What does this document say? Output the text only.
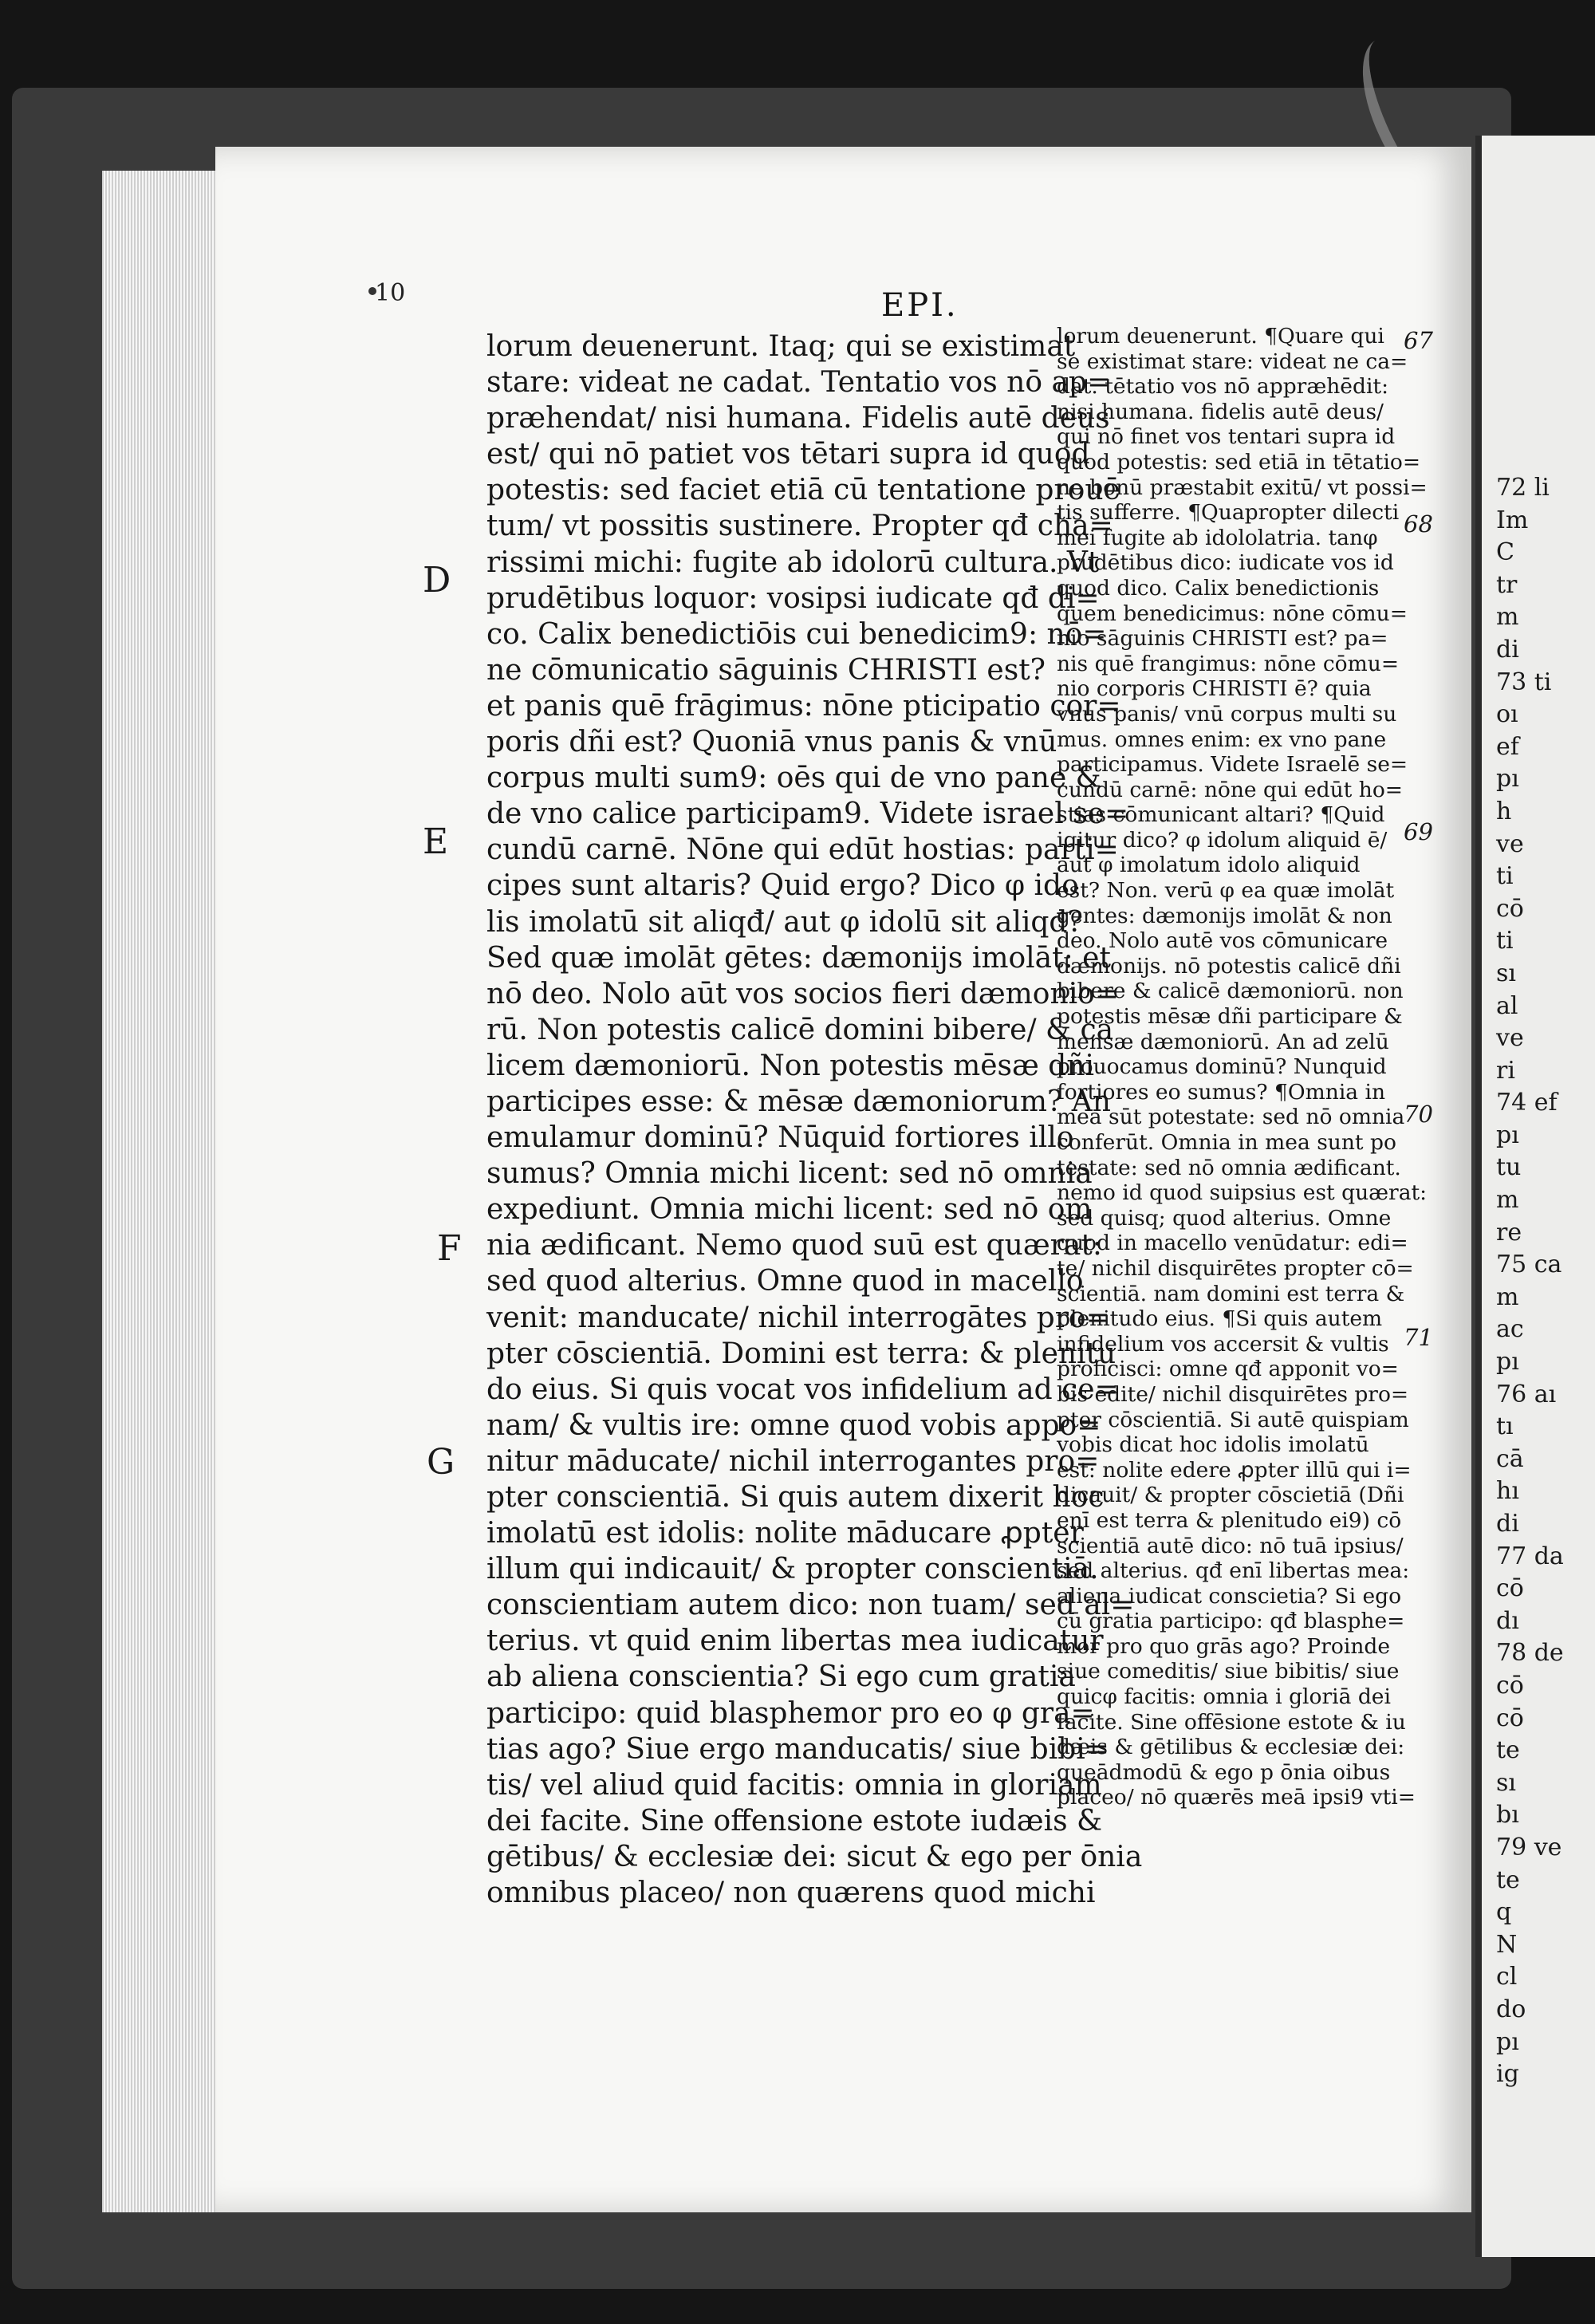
72 li
Im
C
tr
m
di
73 ti
oı
ef
pı
h
ve
ti
cō
ti
sı
al
ve
ri
74 ef
pı
tu
m
re
75 ca
m
ac
pı
76 aı
tı
cā
hı
di
77 da
cō
dı
78 de
cō
cō
te
sı
bı
79 ve
te
q
N
cl
do
pı
ig

10	EPI.
D
E
F
G

lorum deuenerunt. Itaq; qui se existimat
stare: videat ne cadat. Tentatio vos nō ap=
præhendat/ nisi humana. Fidelis autē deus
est/ qui nō patiet vos tētari supra id quod
potestis: sed faciet etiā cū tentatione prouē
tum/ vt possitis sustinere. Propter qđ cha=
rissimi michi: fugite ab idolorū cultura. Vt
prudētibus loquor: vosipsi iudicate qđ di=
co. Calix benedictiōis cui benedicim9: nō=
ne cōmunicatio sāguinis CHRISTI est?
et panis quē frāgimus: nōne pticipatio cor=
poris dñi est? Quoniā vnus panis & vnū
corpus multi sum9: oēs qui de vno pane &
de vno calice participam9. Videte israel se=
cundū carnē. Nōne qui edūt hostias: parti=
cipes sunt altaris? Quid ergo? Dico φ ido
lis imolatū sit aliqđ/ aut φ idolū sit aliqđ?
Sed quæ imolāt gētes: dæmonijs imolāt: et
nō deo. Nolo aūt vos socios fieri dæmonio=
rū. Non potestis calicē domini bibere/ & ca
licem dæmoniorū. Non potestis mēsæ dñi
participes esse: & mēsæ dæmoniorum? An
emulamur dominū? Nūquid fortiores illo
sumus? Omnia michi licent: sed nō omnia
expediunt. Omnia michi licent: sed nō om
nia ædificant. Nemo quod suū est quærat:
sed quod alterius. Omne quod in macello
venit: manducate/ nichil interrogātes pro=
pter cōscientiā. Domini est terra: & plenitu
do eius. Si quis vocat vos infidelium ad ce=
nam/ & vultis ire: omne quod vobis appo=
nitur māducate/ nichil interrogantes pro=
pter conscientiā. Si quis autem dixerit hoc
imolatū est idolis: nolite māducare ꝓpter
illum qui indicauit/ & propter conscientiā.
conscientiam autem dico: non tuam/ sed al=
terius. vt quid enim libertas mea iudicatur
ab aliena conscientia? Si ego cum gratia
participo: quid blasphemor pro eo φ gra=
tias ago? Siue ergo manducatis/ siue bibi=
tis/ vel aliud quid facitis: omnia in gloriam
dei facite. Sine offensione estote iudæis &
gētibus/ & ecclesiæ dei: sicut & ego per ōnia
omnibus placeo/ non quærens quod michi

lorum deuenerunt. ¶Quare qui
se existimat stare: videat ne ca=
dat. tētatio vos nō appræhēdit:
nisi humana. fidelis autē deus/
qui nō finet vos tentari supra id
quod potestis: sed etiā in tētatio=
ne bonū præstabit exitū/ vt possi=
tis sufferre. ¶Quapropter dilecti
mei fugite ab idololatria. tanφ
prudētibus dico: iudicate vos id
quod dico. Calix benedictionis
quem benedicimus: nōne cōmu=
nio sāguinis CHRISTI est? pa=
nis quē frangimus: nōne cōmu=
nio corporis CHRISTI ē? quia
vnus panis/ vnū corpus multi su
mus. omnes enim: ex vno pane
participamus. Videte Israelē se=
cundū carnē: nōne qui edūt ho=
stias cōmunicant altari? ¶Quid
igitur dico? φ idolum aliquid ē/
aut φ imolatum idolo aliquid
est? Non. verū φ ea quæ imolāt
gentes: dæmonijs imolāt & non
deo. Nolo autē vos cōmunicare
dæmonijs. nō potestis calicē dñi
bibere & calicē dæmoniorū. non
potestis mēsæ dñi participare &
mensæ dæmoniorū. An ad zelū
prouocamus dominū? Nunquid
fortiores eo sumus? ¶Omnia in
mea sūt potestate: sed nō omnia
conferūt. Omnia in mea sunt po
testate: sed nō omnia ædificant.
nemo id quod suipsius est quærat:
sed quisq; quod alterius. Omne
quod in macello venūdatur: edi=
te/ nichil disquirētes propter cō=
scientiā. nam domini est terra &
plenitudo eius. ¶Si quis autem
infidelium vos accersit & vultis
proficisci: omne qđ apponit vo=
bis edite/ nichil disquirētes pro=
pter cōscientiā. Si autē quispiam
vobis dicat hoc idolis imolatū
est: nolite edere ꝓpter illū qui i=
dicauit/ & propter cōscietiā (Dñi
enī est terra & plenitudo ei9) cō
scientiā autē dico: nō tuā ipsius/
sed alterius. qđ enī libertas mea:
aliena iudicat conscietia? Si ego
cū gratia participo: qđ blasphe=
mor pro quo grās ago? Proinde
siue comeditis/ siue bibitis/ siue
quicφ facitis: omnia i gloriā dei
facite. Sine offēsione estote & iu
dæis & gētilibus & ecclesiæ dei:
queādmodū & ego p ōnia oibus
placeo/ nō quærēs meā ipsi9 vti=

67
68
69
70
71
